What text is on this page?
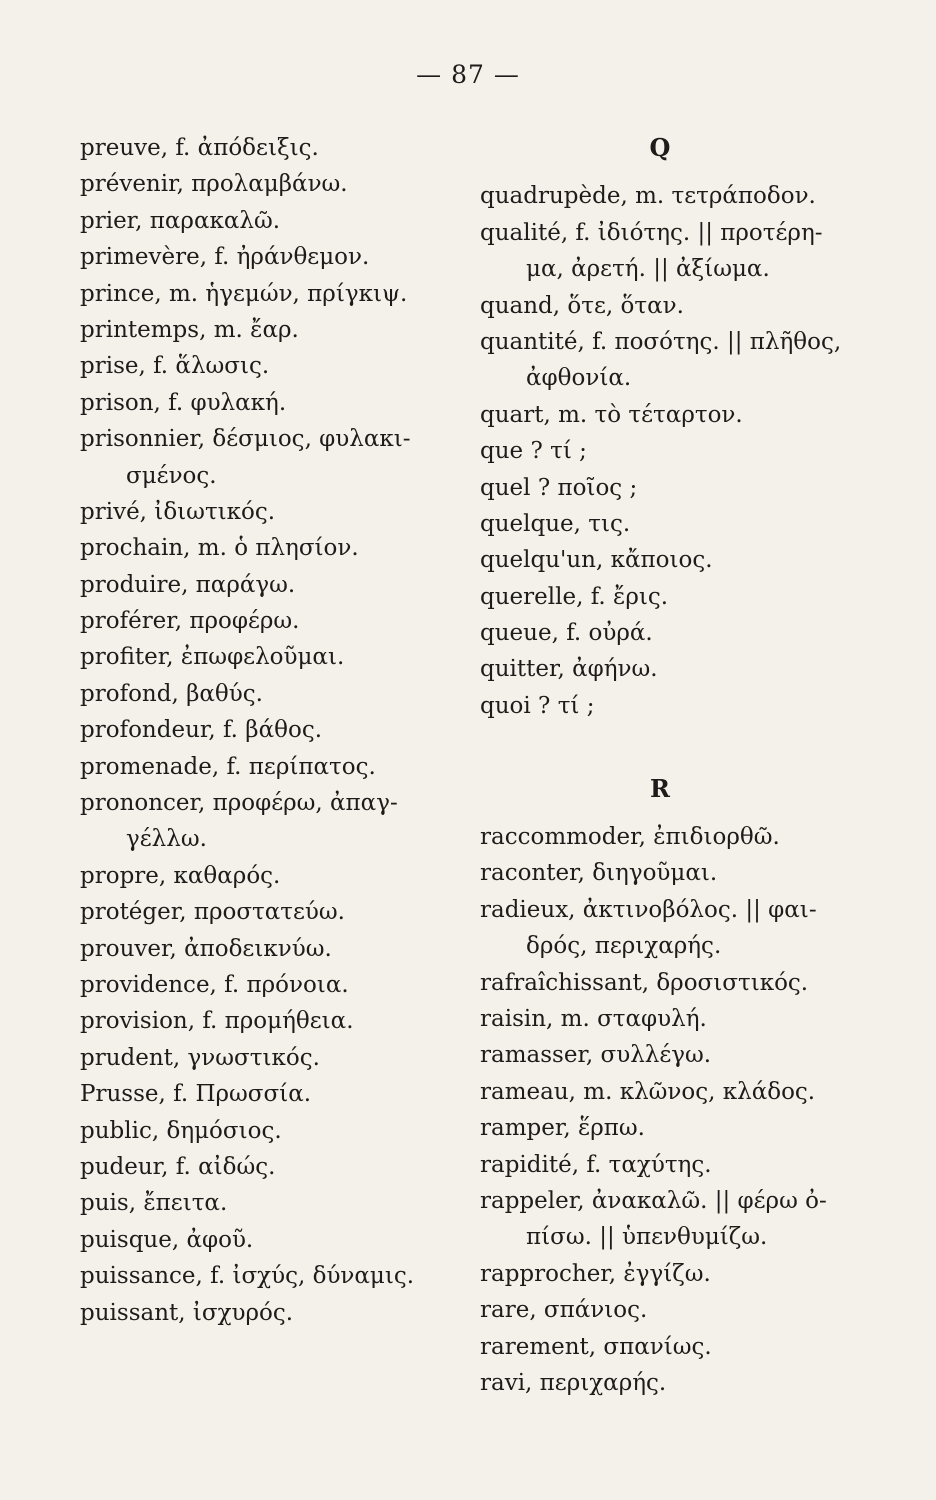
— 87 —
preuve, f. ἀπόδειξις.
prévenir, προλαμβάνω.
prier, παρακαλῶ.
primevère, f. ἠράνθεμον.
prince, m. ἡγεμών, πρίγκιψ.
printemps, m. ἔαρ.
prise, f. ἅλωσις.
prison, f. φυλακή.
prisonnier, δέσμιος, φυλακι-
σμένος.
privé, ἰδιωτικός.
prochain, m. ὁ πλησίον.
produire, παράγω.
proférer, προφέρω.
profiter, ἐπωφελοῦμαι.
profond, βαθύς.
profondeur, f. βάθος.
promenade, f. περίπατος.
prononcer, προφέρω, ἀπαγ-
γέλλω.
propre, καθαρός.
protéger, προστατεύω.
prouver, ἀποδεικνύω.
providence, f. πρόνοια.
provision, f. προμήθεια.
prudent, γνωστικός.
Prusse, f. Πρωσσία.
public, δημόσιος.
pudeur, f. αἰδώς.
puis, ἔπειτα.
puisque, ἀφοῦ.
puissance, f. ἰσχύς, δύναμις.
puissant, ἰσχυρός.
Q
quadrupède, m. τετράποδον.
qualité, f. ἰδιότης. || προτέρη-
μα, ἀρετή. || ἀξίωμα.
quand, ὅτε, ὅταν.
quantité, f. ποσότης. || πλῆθος,
ἀφθονία.
quart, m. τὸ τέταρτον.
que ? τί ;
quel ? ποῖος ;
quelque, τις.
quelqu'un, κἄποιος.
querelle, f. ἔρις.
queue, f. οὐρά.
quitter, ἀφήνω.
quoi ? τί ;
R
raccommoder, ἐπιδιορθῶ.
raconter, διηγοῦμαι.
radieux, ἀκτινοβόλος. || φαι-
δρός, περιχαρής.
rafraîchissant, δροσιστικός.
raisin, m. σταφυλή.
ramasser, συλλέγω.
rameau, m. κλῶνος, κλάδος.
ramper, ἕρπω.
rapidité, f. ταχύτης.
rappeler, ἀνακαλῶ. || φέρω ὀ-
πίσω. || ὑπενθυμίζω.
rapprocher, ἐγγίζω.
rare, σπάνιος.
rarement, σπανίως.
ravi, περιχαρής.
